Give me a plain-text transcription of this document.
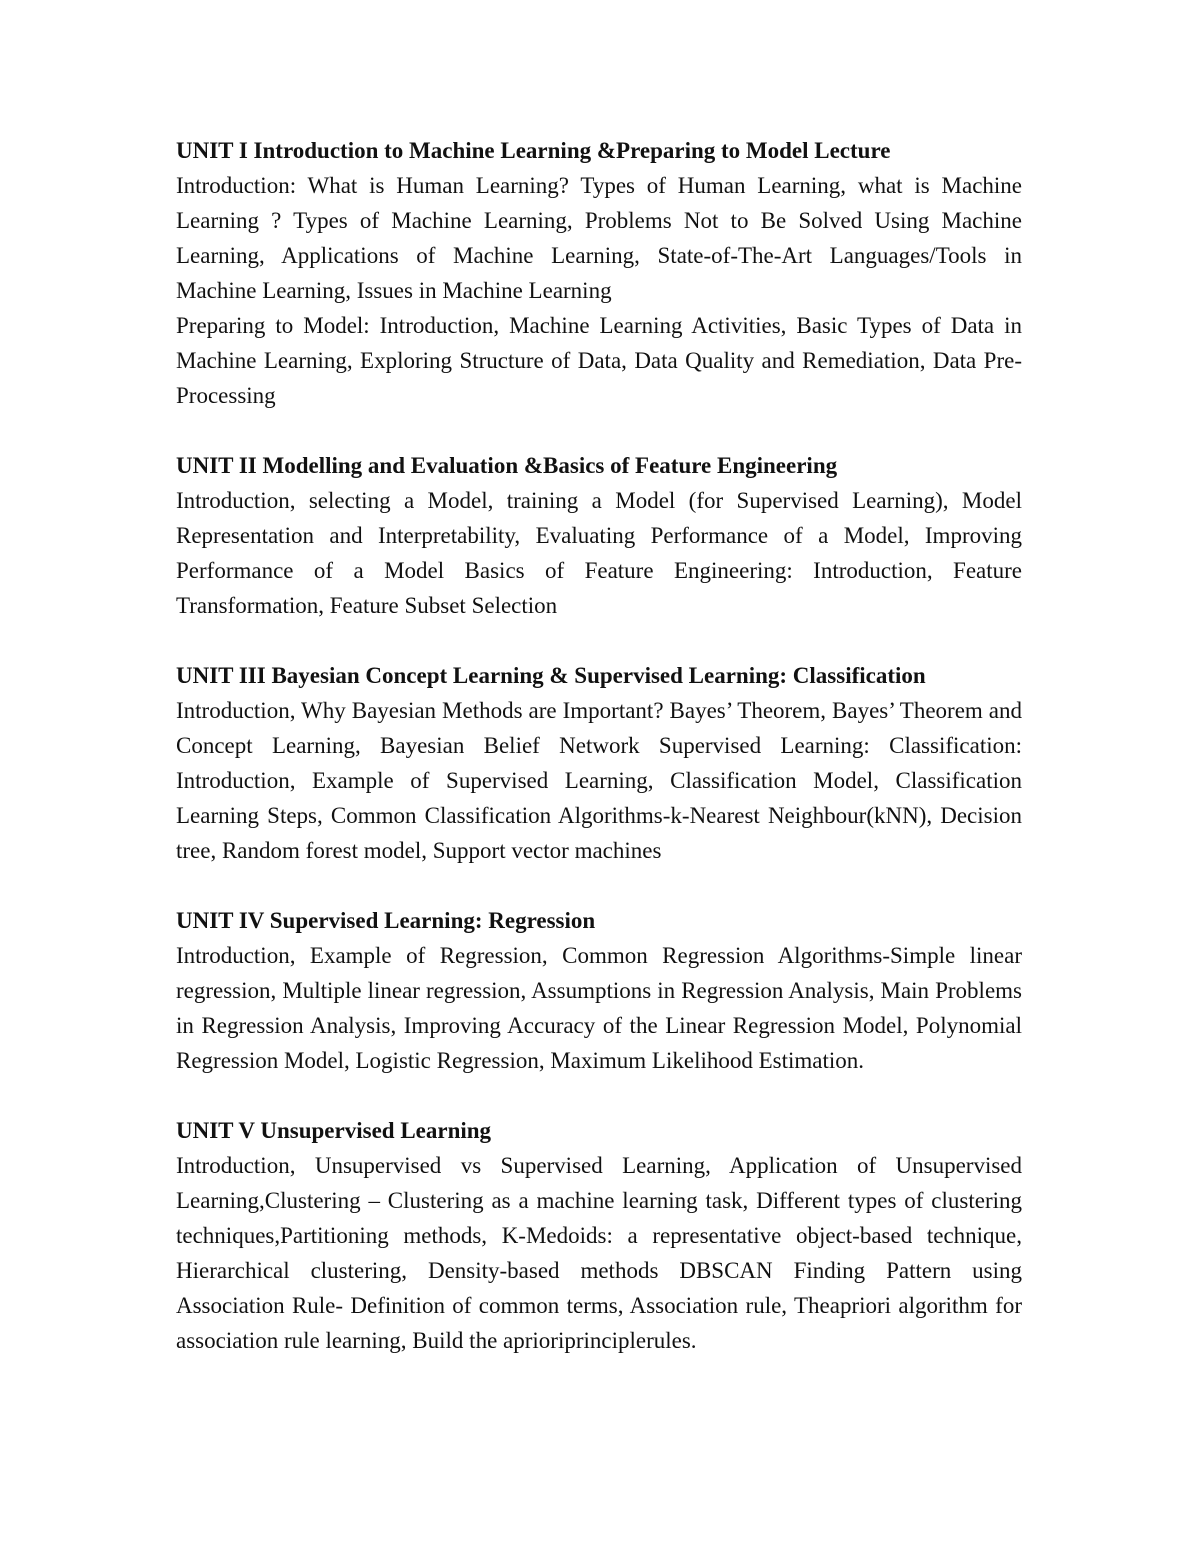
UNIT I Introduction to Machine Learning &Preparing to Model Lecture

Introduction: What is Human Learning? Types of Human Learning, what is Machine Learning ? Types of Machine Learning, Problems Not to Be Solved Using Machine Learning, Applications of Machine Learning, State-of-The-Art Languages/Tools in Machine Learning, Issues in Machine Learning

Preparing to Model: Introduction, Machine Learning Activities, Basic Types of Data in Machine Learning, Exploring Structure of Data, Data Quality and Remediation, Data Pre-Processing

UNIT II Modelling and Evaluation &Basics of Feature Engineering

Introduction, selecting a Model, training a Model (for Supervised Learning), Model Representation and Interpretability, Evaluating Performance of a Model, Improving Performance of a Model Basics of Feature Engineering: Introduction, Feature Transformation, Feature Subset Selection

UNIT III Bayesian Concept Learning & Supervised Learning: Classification

Introduction, Why Bayesian Methods are Important? Bayes’ Theorem, Bayes’ Theorem and Concept Learning, Bayesian Belief Network Supervised Learning: Classification: Introduction, Example of Supervised Learning, Classification Model, Classification Learning Steps, Common Classification Algorithms-k-Nearest Neighbour(kNN), Decision tree, Random forest model, Support vector machines

UNIT IV Supervised Learning: Regression

Introduction, Example of Regression, Common Regression Algorithms-Simple linear regression, Multiple linear regression, Assumptions in Regression Analysis, Main Problems in Regression Analysis, Improving Accuracy of the Linear Regression Model, Polynomial Regression Model, Logistic Regression, Maximum Likelihood Estimation.

UNIT V Unsupervised Learning

Introduction, Unsupervised vs Supervised Learning, Application of Unsupervised Learning,Clustering – Clustering as a machine learning task, Different types of clustering techniques,Partitioning methods, K-Medoids: a representative object-based technique, Hierarchical clustering, Density-based methods DBSCAN Finding Pattern using Association Rule- Definition of common terms, Association rule, Theapriori algorithm for association rule learning, Build the aprioriprinciplerules.
